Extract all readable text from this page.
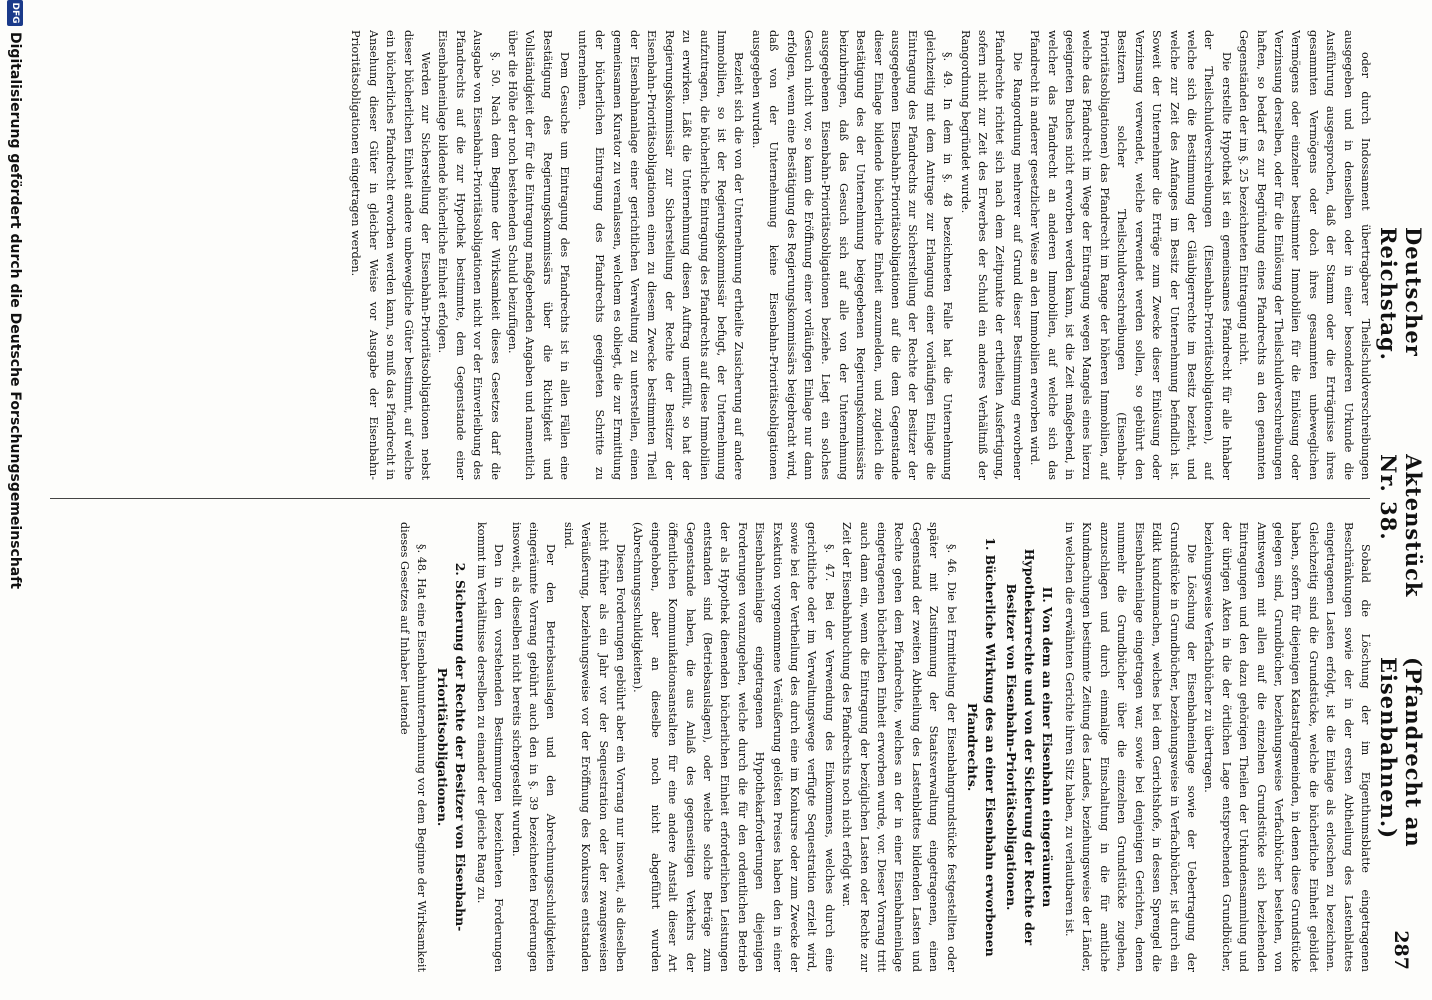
Deutscher Reichstag.
Aktenstück Nr. 38.
(Pfandrecht an Eisenbahnen.)
287

oder durch Indossament übertragbarer Theilschuldverschreibungen ausgegeben und in denselben oder in einer besonderen Urkunde die Ausführung ausgesprochen, daß der Stamm oder die Erträgnisse ihres gesammten Vermögens oder doch ihres gesammten unbeweglichen Vermögens oder einzelner bestimmter Immobilien für die Einlösung oder Verzinsung derselben, oder für die Einlösung der Theilschuldverschreibungen haften, so bedarf es zur Begründung eines Pfandrechts an den genannten Gegenständen der im §. 25 bezeichneten Eintragung nicht.

Die erstellte Hypothek ist ein gemeinsames Pfandrecht für alle Inhaber der Theilschuldverschreibungen (Eisenbahn-Prioritätsobligationen), auf welche sich die Bestimmung der Gläubigerrechte im Besitz bezieht, und welche zur Zeit des Anfanges im Besitz der Unternehmung befindlich ist. Soweit der Unternehmer die Erträge zum Zwecke dieser Einlösung oder Verzinsung verwendet, welche verwendet werden sollen, so gebührt den Besitzern solcher Theilschuldverschreibungen (Eisenbahn-Prioritätsobligationen) das Pfandrecht im Range der höheren Immobilien, auf welche das Pfandrecht im Wege der Eintragung wegen Mangels eines hierzu geeigneten Buches nicht erworben werden kann, ist die Zeit maßgebend, in welcher das Pfandrecht an anderen Immobilien, auf welche sich das Pfandrecht in anderer gesetzlicher Weise an den Immobilien erworben wird.

Die Rangordnung mehrerer auf Grund dieser Bestimmung erworbener Pfandrechte richtet sich nach dem Zeitpunkte der ertheilten Ausfertigung, sofern nicht zur Zeit des Erwerbes der Schuld ein anderes Verhältniß der Rangordnung begründet wurde.

§. 49. In dem in §. 48 bezeichneten Falle hat die Unternehmung gleichzeitig mit dem Antrage zur Erlangung einer vorläufigen Einlage die Eintragung des Pfandrechts zur Sicherstellung der Rechte der Besitzer der ausgegebenen Eisenbahn-Prioritätsobligationen auf die dem Gegenstande dieser Einlage bildende bücherliche Einheit anzumelden, und zugleich die Bestätigung des der Unternehmung beigegebenen Regierungskommissärs beizubringen, daß das Gesuch sich auf alle von der Unternehmung ausgegebenen Eisenbahn-Prioritätsobligationen beziehe. Liegt ein solches Gesuch nicht vor, so kann die Eröffnung einer vorläufigen Einlage nur dann erfolgen, wenn eine Bestätigung des Regierungskommissärs beigebracht wird, daß von der Unternehmung keine Eisenbahn-Prioritätsobligationen ausgegeben wurden.

Bezieht sich die von der Unternehmung ertheilte Zusicherung auf andere Immobilien, so ist der Regierungskommissär befugt, der Unternehmung aufzutragen, die bücherliche Eintragung des Pfandrechts auf diese Immobilien zu erwirken. Läßt die Unternehmung diesen Auftrag unerfüllt, so hat der Regierungskommissär zur Sicherstellung der Rechte der Besitzer der Eisenbahn-Prioritätsobligationen einen zu diesem Zwecke bestimmten Theil der Eisenbahnanlage einer gerichtlichen Verwaltung zu unterstellen, einen gemeinsamen Kurator zu veranlassen, welchem es obliegt, die zur Ermittlung der bücherlichen Eintragung des Pfandrechts geeigneten Schritte zu unternehmen.

Dem Gesuche um Eintragung des Pfandrechts ist in allen Fällen eine Bestätigung des Regierungskommissärs über die Richtigkeit und Vollständigkeit der für die Eintragung maßgebenden Angaben und namentlich über die Höhe der noch bestehenden Schuld beizufügen.

§. 50. Nach dem Beginne der Wirksamkeit dieses Gesetzes darf die Ausgabe von Eisenbahn-Prioritätsobligationen nicht vor der Einverleibung des Pfandrechts auf die zur Hypothek bestimmte, dem Gegenstande einer Eisenbahneinlage bildende bücherliche Einheit erfolgen.

Werden zur Sicherstellung der Eisenbahn-Prioritätsobligationen nebst dieser bücherlichen Einheit andere unbewegliche Güter bestimmt, auf welche ein bücherliches Pfandrecht erworben werden kann, so muß das Pfandrecht in Ansehung dieser Güter in gleicher Weise vor Ausgabe der Eisenbahn-Prioritätsobligationen eingetragen werden.

Sobald die Löschung der im Eigenthumsblatte eingetragenen Beschränkungen sowie der in der ersten Abtheilung des Lastenblattes eingetragenen Lasten erfolgt, ist die Einlage als erloschen zu bezeichnen. Gleichzeitig sind die Grundstücke, welche die bücherliche Einheit gebildet haben, sofern für diejenigen Katastralgemeinden, in denen diese Grundstücke gelegen sind, Grundbücher, beziehungsweise Verfachbücher bestehen, von Amtswegen mit allen auf die einzelnen Grundstücke sich beziehenden Eintragungen und den dazu gehörigen Theilen der Urkundensammlung und der übrigen Akten in die der örtlichen Lage entsprechenden Grundbücher, beziehungsweise Verfachbücher zu übertragen.

Die Löschung der Eisenbahneinlage sowie der Uebertragung der Grundstücke in Grundbücher, beziehungsweise in Verfachbücher, ist durch ein Edikt kundzumachen, welches bei dem Gerichtshofe, in dessen Sprengel die Eisenbahneinlage eingetragen war, sowie bei denjenigen Gerichten, denen nunmehr die Grundbücher über die einzelnen Grundstücke zugehen, anzuschlagen und durch einmalige Einschaltung in die für amtliche Kundmachungen bestimmte Zeitung des Landes, beziehungsweise der Länder, in welchen die erwähnten Gerichte ihren Sitz haben, zu verlautbaren ist.

II. Von dem an einer Eisenbahn eingeräumten Hypothekarrechte und von der Sicherung der Rechte der Besitzer von Eisenbahn-Prioritätsobligationen.

1. Bücherliche Wirkung des an einer Eisenbahn erworbenen Pfandrechts.

§. 46. Die bei Ermittelung der Eisenbahngrundstücke festgestellten oder später mit Zustimmung der Staatsverwaltung eingetragenen, einen Gegenstand der zweiten Abtheilung des Lastenblattes bildenden Lasten und Rechte gehen dem Pfandrechte, welches an der in einer Eisenbahneinlage eingetragenen bücherlichen Einheit erworben wurde, vor. Dieser Vorrang tritt auch dann ein, wenn die Eintragung der bezüglichen Lasten oder Rechte zur Zeit der Eisenbahnbuchung des Pfandrechts noch nicht erfolgt war.

§. 47. Bei der Verwendung des Einkommens, welches durch eine gerichtliche oder im Verwaltungswege verfügte Sequestration erzielt wird, sowie bei der Vertheilung des durch eine im Konkurse oder zum Zwecke der Exekution vorgenommene Veräußerung gelösten Preises haben den in einer Eisenbahneinlage eingetragenen Hypothekarforderungen diejenigen Forderungen voranzugehen, welche durch die für den ordentlichen Betrieb der als Hypothek dienenden bücherlichen Einheit erforderlichen Leistungen entstanden sind (Betriebsauslagen), oder welche solche Beträge zum Gegenstande haben, die aus Anlaß des gegenseitigen Verkehrs der öffentlichen Kommunikationsanstalten für eine andere Anstalt dieser Art eingehoben, aber an dieselbe noch nicht abgeführt wurden (Abrechnungsschuldigkeiten).

Diesen Forderungen gebührt aber ein Vorrang nur insoweit, als dieselben nicht früher als ein Jahr vor der Sequestration oder der zwangsweisen Veräußerung, beziehungsweise vor der Eröffnung des Konkurses entstanden sind.

Der den Betriebsauslagen und den Abrechnungsschuldigkeiten eingeräumte Vorrang gebührt auch den in §. 39 bezeichneten Forderungen insoweit, als dieselben nicht bereits sichergestellt wurden.

Den in den vorstehenden Bestimmungen bezeichneten Forderungen kommt im Verhältnisse derselben zu einander der gleiche Rang zu.

2. Sicherung der Rechte der Besitzer von Eisenbahn-Prioritätsobligationen.

§. 48. Hat eine Eisenbahnunternehmung vor dem Beginne der Wirksamkeit dieses Gesetzes auf Inhaber lautende

DFG
Digitalisierung gefördert durch die Deutsche Forschungsgemeinschaft
